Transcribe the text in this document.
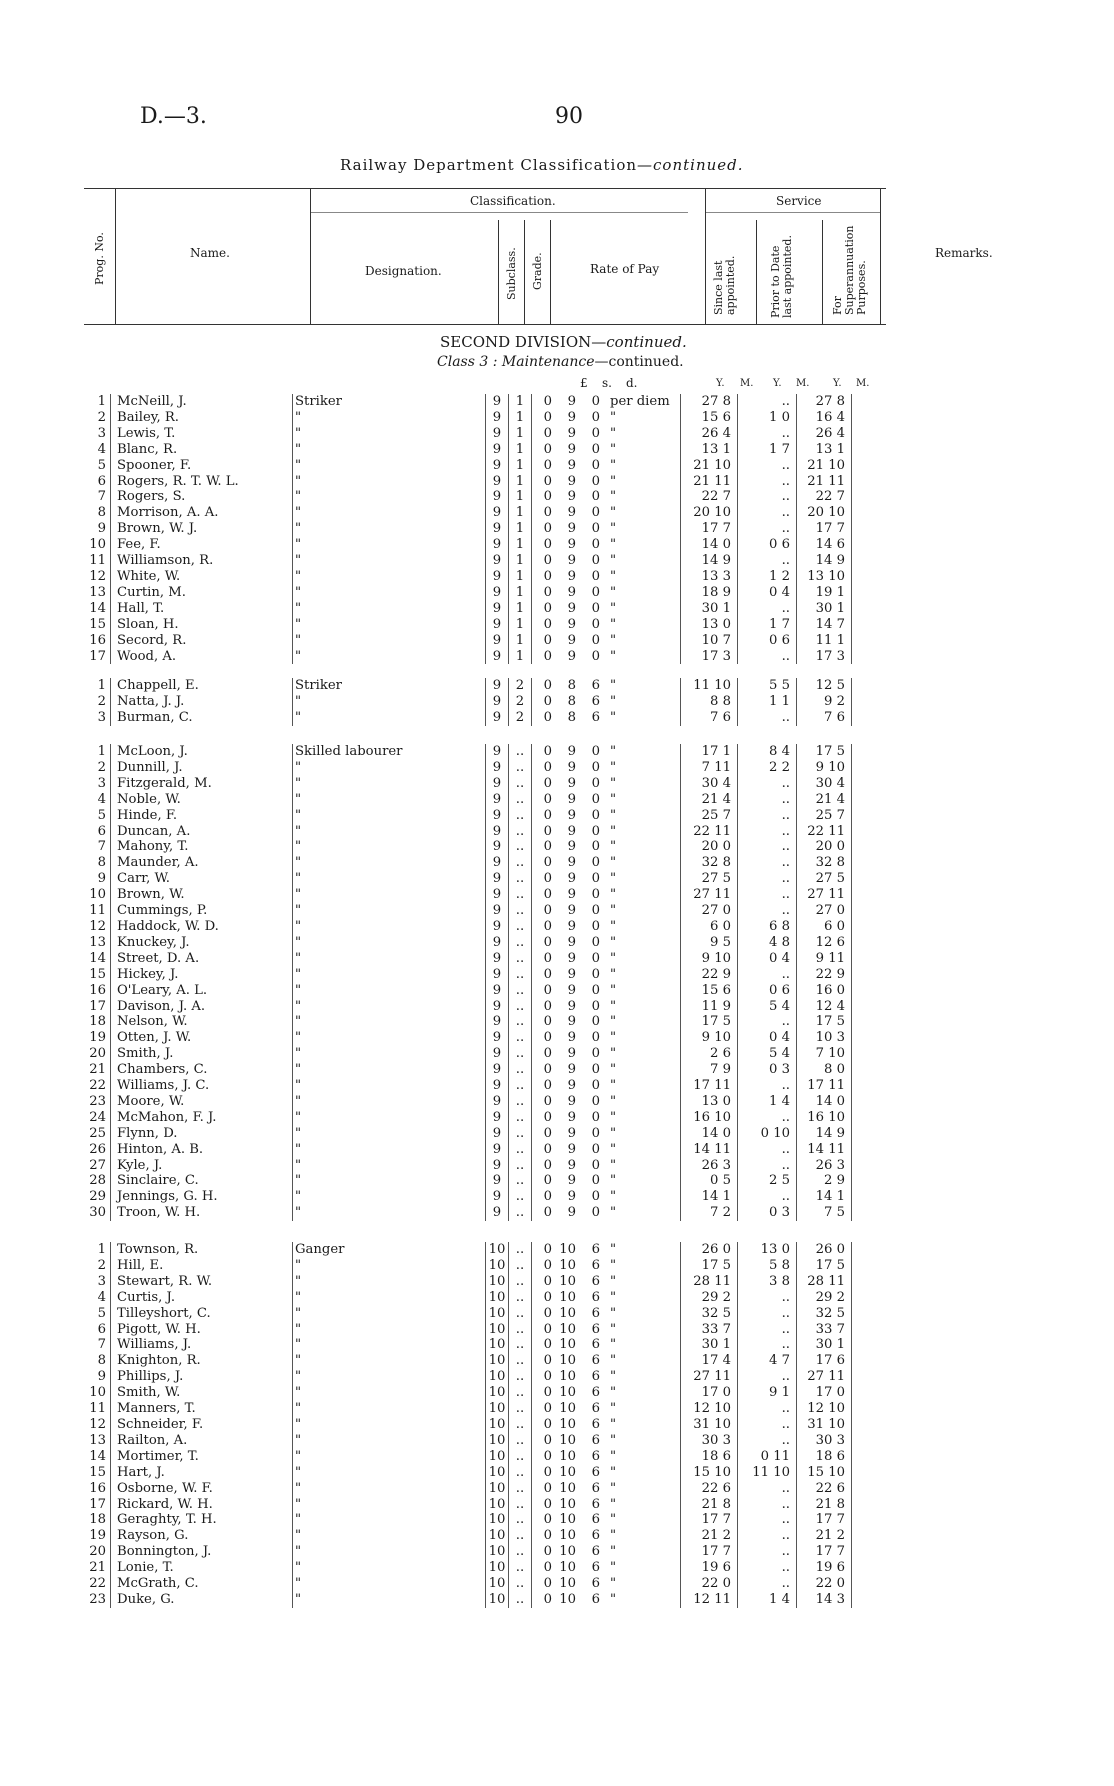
D.—3.	90
Railway Department Classification—continued.
Prog. No.	Name.
Classification.
Designation.	Subclass. Grade.	Rate of Pay
Service
Since last appointed.	Prior to Date last appointed.	For Superannuation Purposes.
Remarks.
SECOND DIVISION—continued.
Class 3 : Maintenance—continued.
£ s. d.	Y. M. Y. M. Y. M.
1	McNeill, J.	Striker	9	1	0	9	0	per diem	27 8	..	27 8
2	Bailey, R.	"	9	1	0	9	0	"	15 6	1 0	16 4
3	Lewis, T.	"	9	1	0	9	0	"	26 4	..	26 4
4	Blanc, R.	"	9	1	0	9	0	"	13 1	1 7	13 1
5	Spooner, F.	"	9	1	0	9	0	"	21 10	..	21 10
6	Rogers, R. T. W. L.	"	9	1	0	9	0	"	21 11	..	21 11
7	Rogers, S.	"	9	1	0	9	0	"	22 7	..	22 7
8	Morrison, A. A.	"	9	1	0	9	0	"	20 10	..	20 10
9	Brown, W. J.	"	9	1	0	9	0	"	17 7	..	17 7
10	Fee, F.	"	9	1	0	9	0	"	14 0	0 6	14 6
11	Williamson, R.	"	9	1	0	9	0	"	14 9	..	14 9
12	White, W.	"	9	1	0	9	0	"	13 3	1 2	13 10
13	Curtin, M.	"	9	1	0	9	0	"	18 9	0 4	19 1
14	Hall, T.	"	9	1	0	9	0	"	30 1	..	30 1
15	Sloan, H.	"	9	1	0	9	0	"	13 0	1 7	14 7
16	Secord, R.	"	9	1	0	9	0	"	10 7	0 6	11 1
17	Wood, A.	"	9	1	0	9	0	"	17 3	..	17 3
1	Chappell, E.	Striker	9	2	0	8	6	"	11 10	5 5	12 5
2	Natta, J. J.	"	9	2	0	8	6	"	8 8	1 1	9 2
3	Burman, C.	"	9	2	0	8	6	"	7 6	..	7 6
1	McLoon, J.	Skilled labourer	9	..	0	9	0	"	17 1	8 4	17 5
2	Dunnill, J.	"	9	..	0	9	0	"	7 11	2 2	9 10
3	Fitzgerald, M.	"	9	..	0	9	0	"	30 4	..	30 4
4	Noble, W.	"	9	..	0	9	0	"	21 4	..	21 4
5	Hinde, F.	"	9	..	0	9	0	"	25 7	..	25 7
6	Duncan, A.	"	9	..	0	9	0	"	22 11	..	22 11
7	Mahony, T.	"	9	..	0	9	0	"	20 0	..	20 0
8	Maunder, A.	"	9	..	0	9	0	"	32 8	..	32 8
9	Carr, W.	"	9	..	0	9	0	"	27 5	..	27 5
10	Brown, W.	"	9	..	0	9	0	"	27 11	..	27 11
11	Cummings, P.	"	9	..	0	9	0	"	27 0	..	27 0
12	Haddock, W. D.	"	9	..	0	9	0	"	6 0	6 8	6 0
13	Knuckey, J.	"	9	..	0	9	0	"	9 5	4 8	12 6
14	Street, D. A.	"	9	..	0	9	0	"	9 10	0 4	9 11
15	Hickey, J.	"	9	..	0	9	0	"	22 9	..	22 9
16	O'Leary, A. L.	"	9	..	0	9	0	"	15 6	0 6	16 0
17	Davison, J. A.	"	9	..	0	9	0	"	11 9	5 4	12 4
18	Nelson, W.	"	9	..	0	9	0	"	17 5	..	17 5
19	Otten, J. W.	"	9	..	0	9	0	"	9 10	0 4	10 3
20	Smith, J.	"	9	..	0	9	0	"	2 6	5 4	7 10
21	Chambers, C.	"	9	..	0	9	0	"	7 9	0 3	8 0
22	Williams, J. C.	"	9	..	0	9	0	"	17 11	..	17 11
23	Moore, W.	"	9	..	0	9	0	"	13 0	1 4	14 0
24	McMahon, F. J.	"	9	..	0	9	0	"	16 10	..	16 10
25	Flynn, D.	"	9	..	0	9	0	"	14 0	0 10	14 9
26	Hinton, A. B.	"	9	..	0	9	0	"	14 11	..	14 11
27	Kyle, J.	"	9	..	0	9	0	"	26 3	..	26 3
28	Sinclaire, C.	"	9	..	0	9	0	"	0 5	2 5	2 9
29	Jennings, G. H.	"	9	..	0	9	0	"	14 1	..	14 1
30	Troon, W. H.	"	9	..	0	9	0	"	7 2	0 3	7 5
1	Townson, R.	Ganger	10	..	0	10	6	"	26 0	13 0	26 0
2	Hill, E.	"	10	..	0	10	6	"	17 5	5 8	17 5
3	Stewart, R. W.	"	10	..	0	10	6	"	28 11	3 8	28 11
4	Curtis, J.	"	10	..	0	10	6	"	29 2	..	29 2
5	Tilleyshort, C.	"	10	..	0	10	6	"	32 5	..	32 5
6	Pigott, W. H.	"	10	..	0	10	6	"	33 7	..	33 7
7	Williams, J.	"	10	..	0	10	6	"	30 1	..	30 1
8	Knighton, R.	"	10	..	0	10	6	"	17 4	4 7	17 6
9	Phillips, J.	"	10	..	0	10	6	"	27 11	..	27 11
10	Smith, W.	"	10	..	0	10	6	"	17 0	9 1	17 0
11	Manners, T.	"	10	..	0	10	6	"	12 10	..	12 10
12	Schneider, F.	"	10	..	0	10	6	"	31 10	..	31 10
13	Railton, A.	"	10	..	0	10	6	"	30 3	..	30 3
14	Mortimer, T.	"	10	..	0	10	6	"	18 6	0 11	18 6
15	Hart, J.	"	10	..	0	10	6	"	15 10	11 10	15 10
16	Osborne, W. F.	"	10	..	0	10	6	"	22 6	..	22 6
17	Rickard, W. H.	"	10	..	0	10	6	"	21 8	..	21 8
18	Geraghty, T. H.	"	10	..	0	10	6	"	17 7	..	17 7
19	Rayson, G.	"	10	..	0	10	6	"	21 2	..	21 2
20	Bonnington, J.	"	10	..	0	10	6	"	17 7	..	17 7
21	Lonie, T.	"	10	..	0	10	6	"	19 6	..	19 6
22	McGrath, C.	"	10	..	0	10	6	"	22 0	..	22 0
23	Duke, G.	"	10	..	0	10	6	"	12 11	1 4	14 3
